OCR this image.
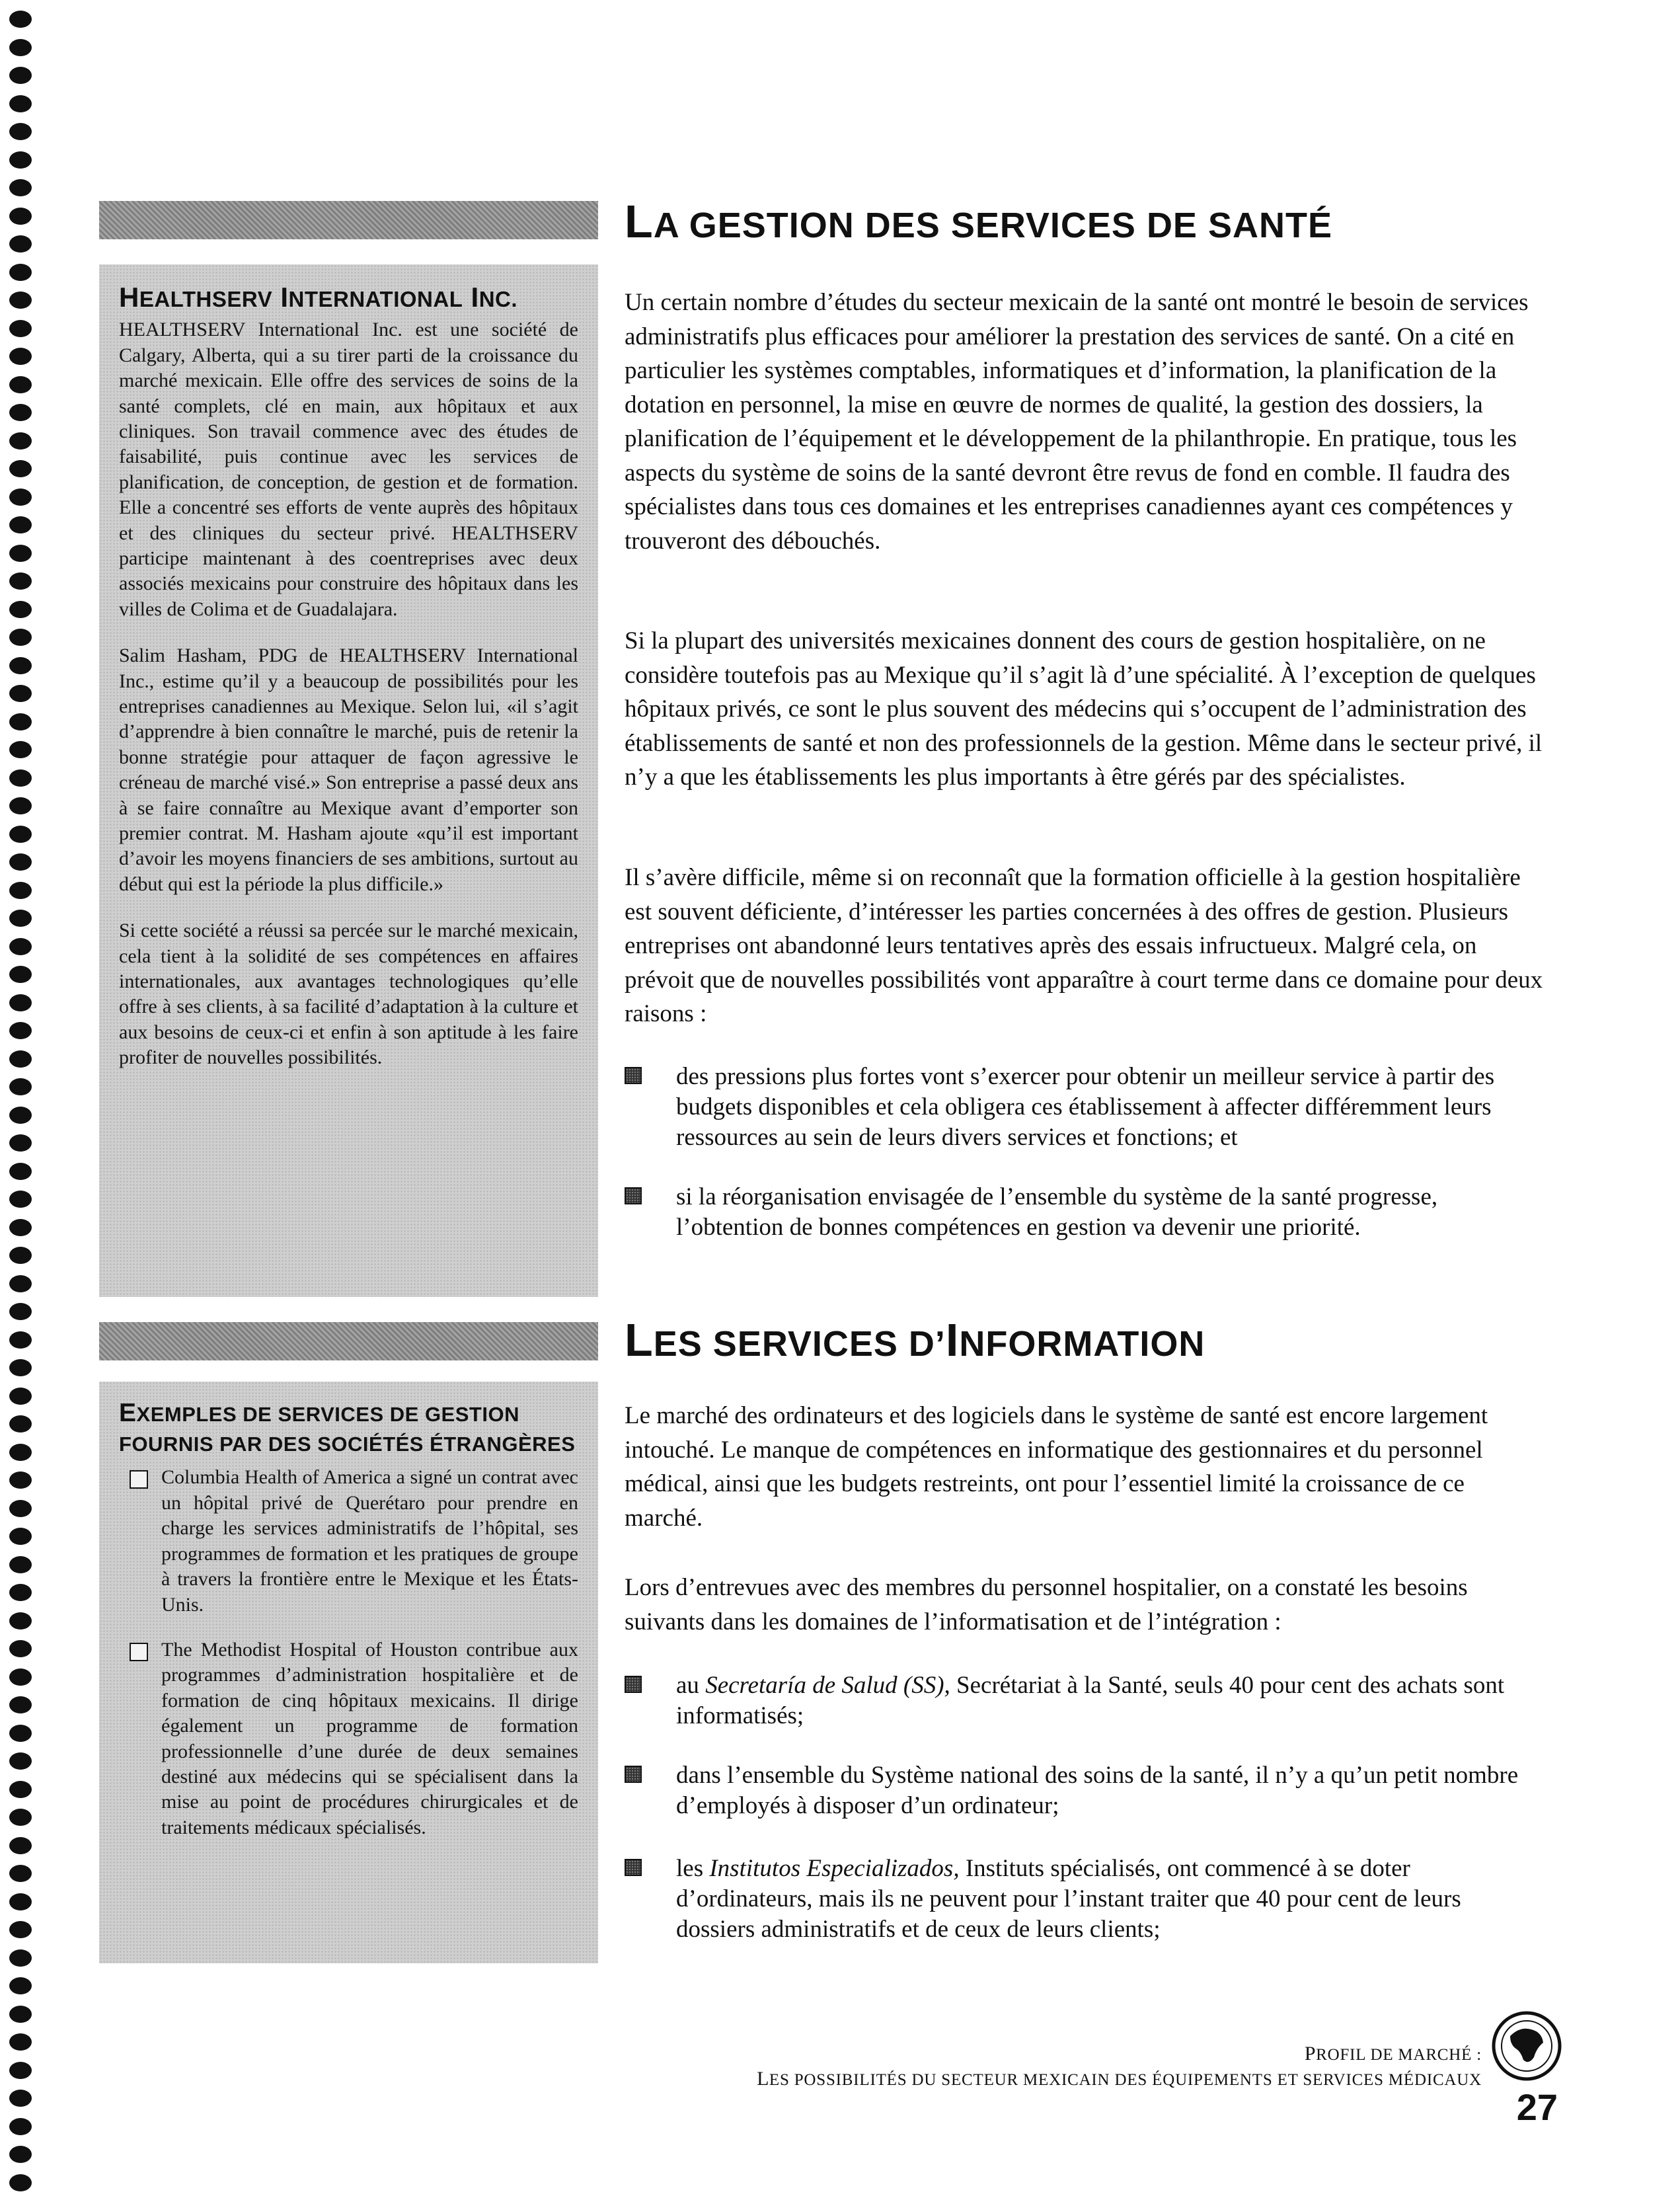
HEALTHSERV INTERNATIONAL INC.

HEALTHSERV International Inc. est une société de Calgary, Alberta, qui a su tirer parti de la croissance du marché mexicain. Elle offre des services de soins de la santé complets, clé en main, aux hôpitaux et aux cliniques. Son travail commence avec des études de faisabilité, puis continue avec les services de planification, de conception, de gestion et de formation. Elle a concentré ses efforts de vente auprès des hôpitaux et des cliniques du secteur privé. HEALTHSERV participe maintenant à des coentreprises avec deux associés mexicains pour construire des hôpitaux dans les villes de Colima et de Guadalajara.

Salim Hasham, PDG de HEALTHSERV International Inc., estime qu’il y a beaucoup de possibilités pour les entreprises canadiennes au Mexique. Selon lui, «il s’agit d’apprendre à bien connaître le marché, puis de retenir la bonne stratégie pour attaquer de façon agressive le créneau de marché visé.» Son entreprise a passé deux ans à se faire connaître au Mexique avant d’emporter son premier contrat. M. Hasham ajoute «qu’il est important d’avoir les moyens financiers de ses ambitions, surtout au début qui est la période la plus difficile.»

Si cette société a réussi sa percée sur le marché mexicain, cela tient à la solidité de ses compétences en affaires internationales, aux avantages technologiques qu’elle offre à ses clients, à sa facilité d’adaptation à la culture et aux besoins de ceux-ci et enfin à son aptitude à les faire profiter de nouvelles possibilités.

EXEMPLES DE SERVICES DE GESTION
FOURNIS PAR DES SOCIÉTÉS ÉTRANGÈRES
Columbia Health of America a signé un contrat avec un hôpital privé de Querétaro pour prendre en charge les services administratifs de l’hôpital, ses programmes de formation et les pratiques de groupe à travers la frontière entre le Mexique et les États-Unis.
The Methodist Hospital of Houston contribue aux programmes d’administration hospitalière et de formation de cinq hôpitaux mexicains. Il dirige également un programme de formation professionnelle d’une durée de deux semaines destiné aux médecins qui se spécialisent dans la mise au point de procédures chirurgicales et de traitements médicaux spécialisés.
LA GESTION DES SERVICES DE SANTÉ

Un certain nombre d’études du secteur mexicain de la santé ont montré le besoin de services administratifs plus efficaces pour améliorer la prestation des services de santé. On a cité en particulier les systèmes comptables, informatiques et d’information, la planification de la dotation en personnel, la mise en œuvre de normes de qualité, la gestion des dossiers, la planification de l’équipement et le développement de la philanthropie. En pratique, tous les aspects du système de soins de la santé devront être revus de fond en comble. Il faudra des spécialistes dans tous ces domaines et les entreprises canadiennes ayant ces compétences y trouveront des débouchés.

Si la plupart des universités mexicaines donnent des cours de gestion hospitalière, on ne considère toutefois pas au Mexique qu’il s’agit là d’une spécialité. À l’exception de quelques hôpitaux privés, ce sont le plus souvent des médecins qui s’occupent de l’administration des établissements de santé et non des professionnels de la gestion. Même dans le secteur privé, il n’y a que les établissements les plus importants à être gérés par des spécialistes.

Il s’avère difficile, même si on reconnaît que la formation officielle à la gestion hospitalière est souvent déficiente, d’intéresser les parties concernées à des offres de gestion. Plusieurs entreprises ont abandonné leurs tentatives après des essais infructueux. Malgré cela, on prévoit que de nouvelles possibilités vont apparaître à court terme dans ce domaine pour deux raisons :

des pressions plus fortes vont s’exercer pour obtenir un meilleur service à partir des budgets disponibles et cela obligera ces établissement à affecter différemment leurs ressources au sein de leurs divers services et fonctions; et
si la réorganisation envisagée de l’ensemble du système de la santé progresse, l’obtention de bonnes compétences en gestion va devenir une priorité.
LES SERVICES D’INFORMATION

Le marché des ordinateurs et des logiciels dans le système de santé est encore largement intouché. Le manque de compétences en informatique des gestionnaires et du personnel médical, ainsi que les budgets restreints, ont pour l’essentiel limité la croissance de ce marché.

Lors d’entrevues avec des membres du personnel hospitalier, on a constaté les besoins suivants dans les domaines de l’informatisation et de l’intégration :

au Secretaría de Salud (SS), Secrétariat à la Santé, seuls 40 pour cent des achats sont informatisés;
dans l’ensemble du Système national des soins de la santé, il n’y a qu’un petit nombre d’employés à disposer d’un ordinateur;
les Institutos Especializados, Instituts spécialisés, ont commencé à se doter d’ordinateurs, mais ils ne peuvent pour l’instant traiter que 40 pour cent de leurs dossiers administratifs et de ceux de leurs clients;
PROFIL DE MARCHÉ :
LES POSSIBILITÉS DU SECTEUR MEXICAIN DES ÉQUIPEMENTS ET SERVICES MÉDICAUX
27
